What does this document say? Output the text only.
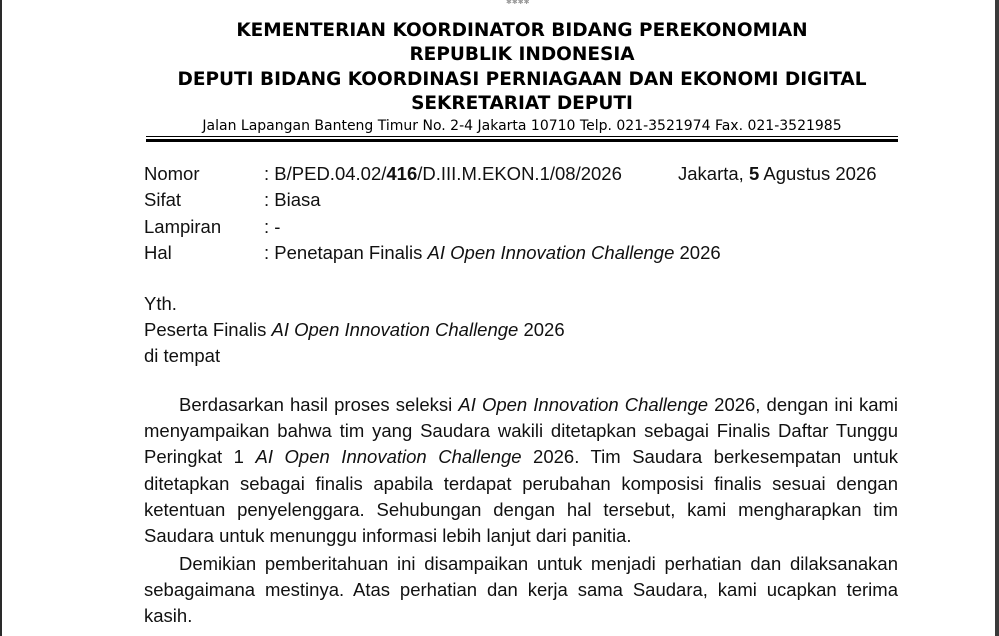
✱✱✱✱
KEMENTERIAN KOORDINATOR BIDANG PEREKONOMIAN
REPUBLIK INDONESIA
DEPUTI BIDANG KOORDINASI PERNIAGAAN DAN EKONOMI DIGITAL
SEKRETARIAT DEPUTI
Jalan Lapangan Banteng Timur No. 2-4 Jakarta 10710 Telp. 021-3521974 Fax. 021-3521985
Nomor	: B/PED.04.02/416/D.III.M.EKON.1/08/2026	Jakarta, 5 Agustus 2026
Sifat	: Biasa
Lampiran : -
Hal	: Penetapan Finalis AI Open Innovation Challenge 2026
Yth.
Peserta Finalis AI Open Innovation Challenge 2026
di tempat
Berdasarkan hasil proses seleksi AI Open Innovation Challenge 2026, dengan ini kami menyampaikan bahwa tim yang Saudara wakili ditetapkan sebagai Finalis Daftar Tunggu Peringkat 1 AI Open Innovation Challenge 2026. Tim Saudara berkesempatan untuk ditetapkan sebagai finalis apabila terdapat perubahan komposisi finalis sesuai dengan ketentuan penyelenggara. Sehubungan dengan hal tersebut, kami mengharapkan tim Saudara untuk menunggu informasi lebih lanjut dari panitia.
Demikian pemberitahuan ini disampaikan untuk menjadi perhatian dan dilaksanakan sebagaimana mestinya. Atas perhatian dan kerja sama Saudara, kami ucapkan terima kasih.
